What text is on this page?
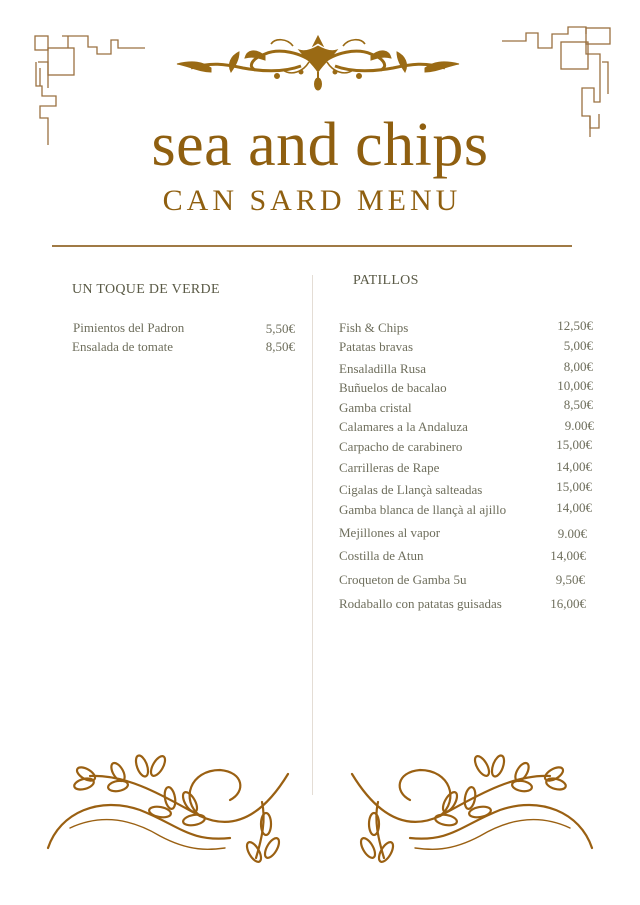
sea and chips
CAN SARD MENU
UN TOQUE DE VERDE
Pimientos del Padron	5,50€
Ensalada de tomate	8,50€
PATILLOS
Fish & Chips	12,50€
Patatas bravas	5,00€
Ensaladilla Rusa	8,00€
Buñuelos de bacalao	10,00€
Gamba cristal	8,50€
Calamares a la Andaluza	9.00€
Carpacho de carabinero	15,00€
Carrilleras de Rape	14,00€
Cigalas de Llançà salteadas	15,00€
Gamba blanca de llançà al ajillo	14,00€
Mejillones al vapor	9.00€
Costilla de Atun	14,00€
Croqueton de Gamba 5u	9,50€
Rodaballo con patatas guisadas	16,00€
